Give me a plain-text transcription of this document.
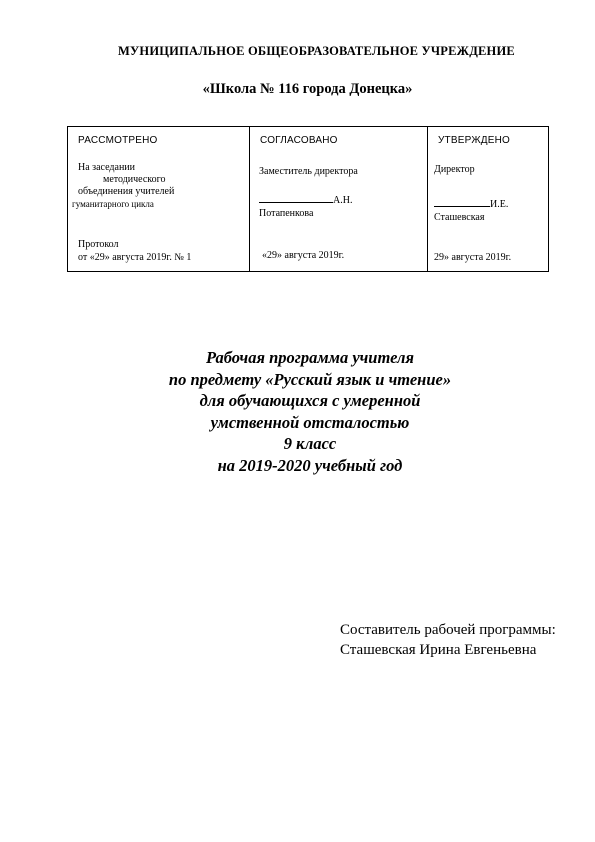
МУНИЦИПАЛЬНОЕ ОБЩЕОБРАЗОВАТЕЛЬНОЕ УЧРЕЖДЕНИЕ
«Школа № 116 города Донецка»
РАССМОТРЕНО
На заседании
методического
объединения учителей
гуманитарного цикла
Протокол
от «29» августа 2019г. № 1
СОГЛАСОВАНО
Заместитель директора
А.Н.
Потапенкова
«29» августа 2019г.
УТВЕРЖДЕНО
Директор
И.Е.
Сташевская
29» августа 2019г.
Рабочая программа учителя
по предмету «Русский язык и чтение»
для обучающихся с умеренной
умственной отсталостью
9 класс
на 2019-2020 учебный год
Составитель рабочей программы:
Сташевская Ирина Евгеньевна
